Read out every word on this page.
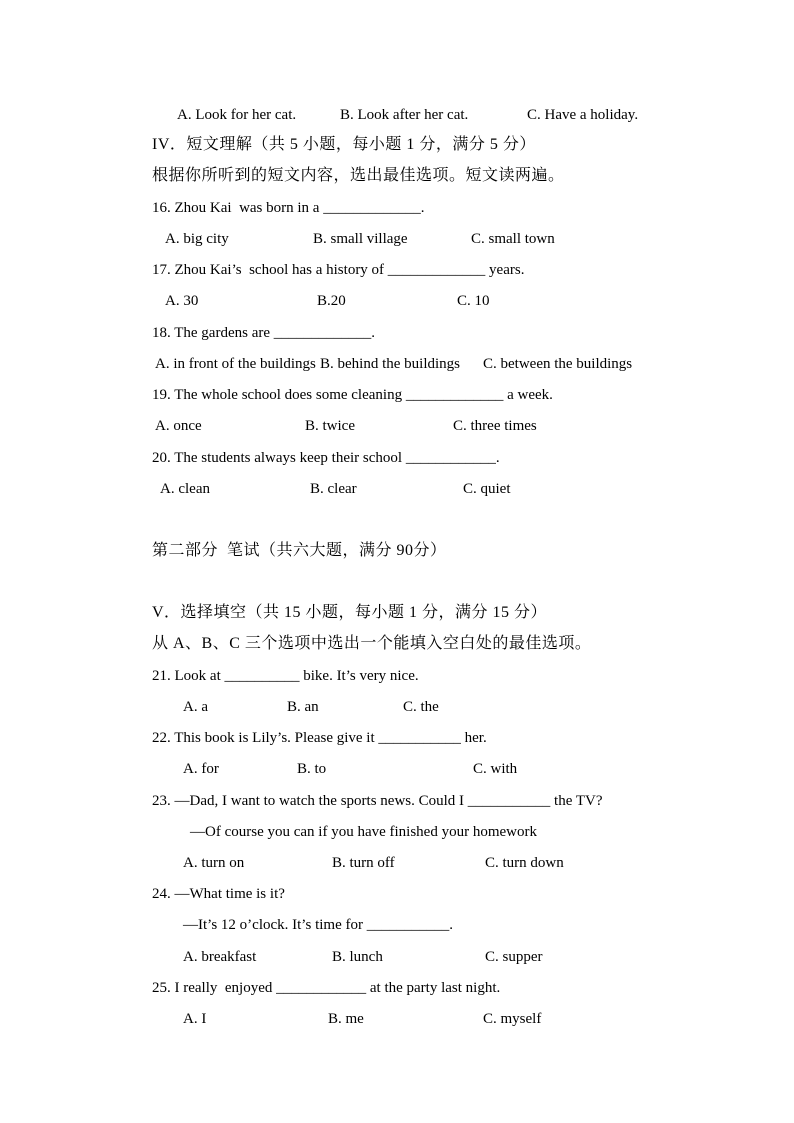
A. Look for her cat.

	B. Look after her cat.

	C. Have a holiday.

IV．短文理解（共 5 小题，每小题 1 分，满分 5 分）

根据你所听到的短文内容，选出最佳选项。短文读两遍。

16. Zhou Kai  was born in a _____________.

A. big city

	B. small village

	C. small town

17. Zhou Kai’s  school has a history of _____________ years.

A. 30

	B.20

	C. 10

18. The gardens are _____________.

A. in front of the buildings

B. behind the buildings

C. between the buildings

19. The whole school does some cleaning _____________ a week.

A. once

	B. twice

	C. three times

20. The students always keep their school ____________.

A. clean

	B. clear

	C. quiet

第二部分  笔试（共六大题，满分 90分）

V．选择填空（共 15 小题，每小题 1 分，满分 15 分）

从 A、B、C 三个选项中选出一个能填入空白处的最佳选项。

21. Look at __________ bike. It’s very nice.

A. a

	B. an

	C. the

22. This book is Lily’s. Please give it ___________ her.

A. for

	B. to

	C. with

23. —Dad, I want to watch the sports news. Could I ___________ the TV?

—Of course you can if you have finished your homework

A. turn on

	B. turn off

	C. turn down

24. —What time is it?

—It’s 12 o’clock. It’s time for ___________.

A. breakfast

	B. lunch

	C. supper

25. I really  enjoyed ____________ at the party last night.

A. I

	B. me

	C. myself
